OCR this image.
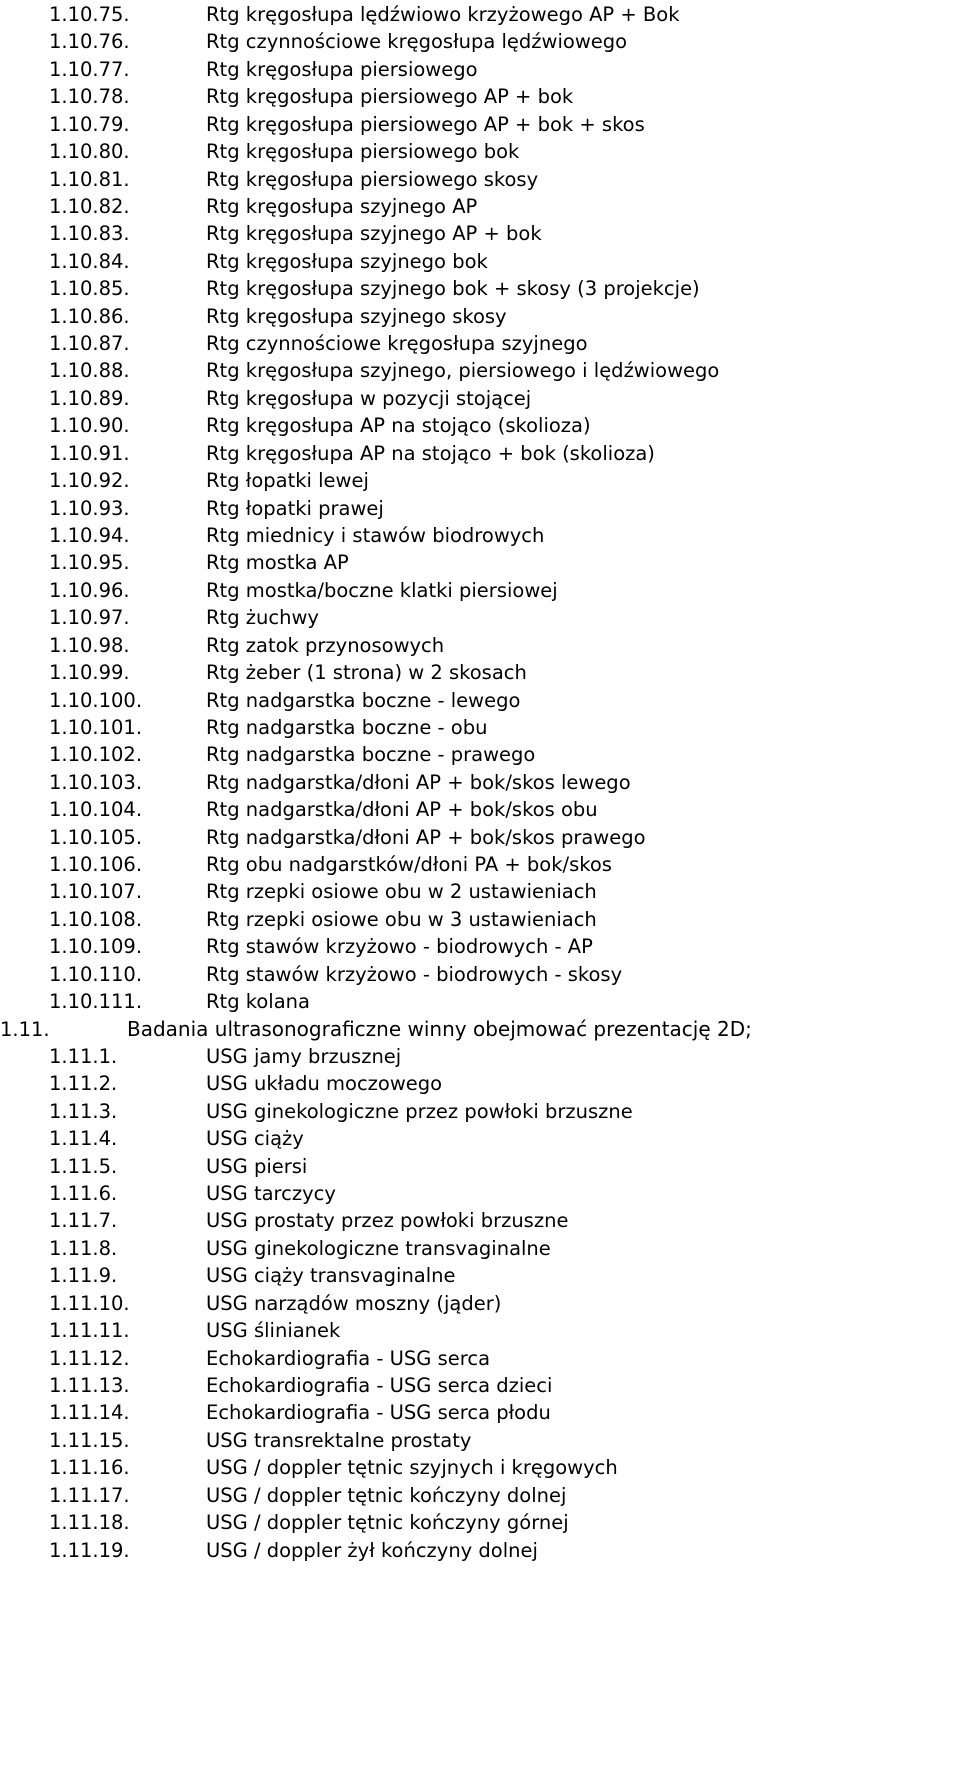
1.10.75.	Rtg kręgosłupa lędźwiowo krzyżowego AP + Bok
1.10.76.	Rtg czynnościowe kręgosłupa lędźwiowego
1.10.77.	Rtg kręgosłupa piersiowego
1.10.78.	Rtg kręgosłupa piersiowego AP + bok
1.10.79.	Rtg kręgosłupa piersiowego AP + bok + skos
1.10.80.	Rtg kręgosłupa piersiowego bok
1.10.81.	Rtg kręgosłupa piersiowego skosy
1.10.82.	Rtg kręgosłupa szyjnego AP
1.10.83.	Rtg kręgosłupa szyjnego AP + bok
1.10.84.	Rtg kręgosłupa szyjnego bok
1.10.85.	Rtg kręgosłupa szyjnego bok + skosy (3 projekcje)
1.10.86.	Rtg kręgosłupa szyjnego skosy
1.10.87.	Rtg czynnościowe kręgosłupa szyjnego
1.10.88.	Rtg kręgosłupa szyjnego, piersiowego i lędźwiowego
1.10.89.	Rtg kręgosłupa w pozycji stojącej
1.10.90.	Rtg kręgosłupa AP na stojąco (skolioza)
1.10.91.	Rtg kręgosłupa AP na stojąco + bok (skolioza)
1.10.92.	Rtg łopatki lewej
1.10.93.	Rtg łopatki prawej
1.10.94.	Rtg miednicy i stawów biodrowych
1.10.95.	Rtg mostka AP
1.10.96.	Rtg mostka/boczne klatki piersiowej
1.10.97.	Rtg żuchwy
1.10.98.	Rtg zatok przynosowych
1.10.99.	Rtg żeber (1 strona) w 2 skosach
1.10.100.	Rtg nadgarstka boczne - lewego
1.10.101.	Rtg nadgarstka boczne - obu
1.10.102.	Rtg nadgarstka boczne - prawego
1.10.103.	Rtg nadgarstka/dłoni AP + bok/skos lewego
1.10.104.	Rtg nadgarstka/dłoni AP + bok/skos obu
1.10.105.	Rtg nadgarstka/dłoni AP + bok/skos prawego
1.10.106.	Rtg obu nadgarstków/dłoni PA + bok/skos
1.10.107.	Rtg rzepki osiowe obu w 2 ustawieniach
1.10.108.	Rtg rzepki osiowe obu w 3 ustawieniach
1.10.109.	Rtg stawów krzyżowo - biodrowych - AP
1.10.110.	Rtg stawów krzyżowo - biodrowych - skosy
1.10.111.	Rtg kolana
1.11.	Badania ultrasonograficzne winny obejmować prezentację 2D;
1.11.1.	USG jamy brzusznej
1.11.2.	USG układu moczowego
1.11.3.	USG ginekologiczne przez powłoki brzuszne
1.11.4.	USG ciąży
1.11.5.	USG piersi
1.11.6.	USG tarczycy
1.11.7.	USG prostaty przez powłoki brzuszne
1.11.8.	USG ginekologiczne transvaginalne
1.11.9.	USG ciąży transvaginalne
1.11.10.	USG narządów moszny (jąder)
1.11.11.	USG ślinianek
1.11.12.	Echokardiografia - USG serca
1.11.13.	Echokardiografia - USG serca dzieci
1.11.14.	Echokardiografia - USG serca płodu
1.11.15.	USG transrektalne prostaty
1.11.16.	USG / doppler tętnic szyjnych i kręgowych
1.11.17.	USG / doppler tętnic kończyny dolnej
1.11.18.	USG / doppler tętnic kończyny górnej
1.11.19.	USG / doppler żył kończyny dolnej
